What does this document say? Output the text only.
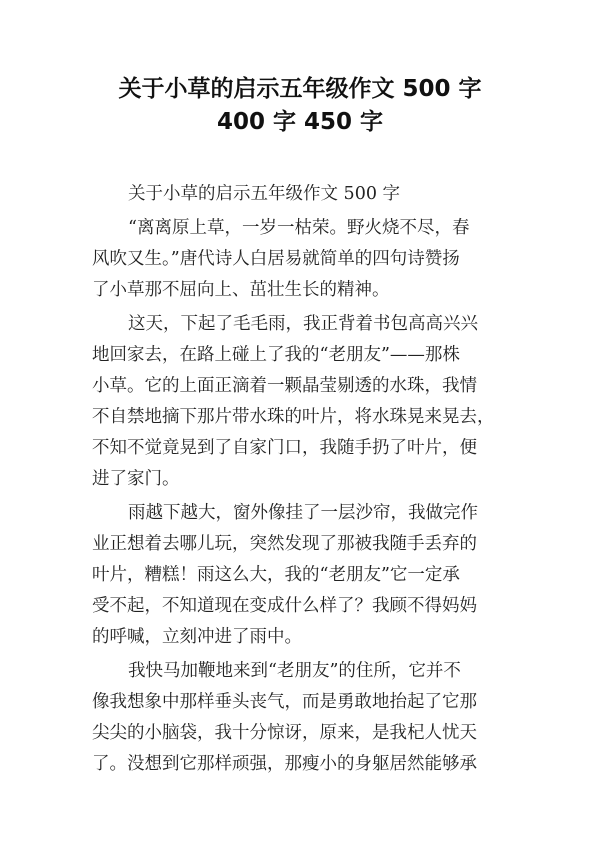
关于小草的启示五年级作文 500 字
400 字 450 字
关于小草的启示五年级作文 500 字
“离离原上草，一岁一枯荣。野火烧不尽，春
风吹又生。”唐代诗人白居易就简单的四句诗赞扬
了小草那不屈向上、茁壮生长的精神。
这天，下起了毛毛雨，我正背着书包高高兴兴
地回家去，在路上碰上了我的“老朋友”——那株
小草。它的上面正滴着一颗晶莹剔透的水珠，我情
不自禁地摘下那片带水珠的叶片，将水珠晃来晃去，
不知不觉竟晃到了自家门口，我随手扔了叶片，便
进了家门。
雨越下越大，窗外像挂了一层沙帘，我做完作
业正想着去哪儿玩，突然发现了那被我随手丢弃的
叶片，糟糕！雨这么大，我的“老朋友”它一定承
受不起，不知道现在变成什么样了？我顾不得妈妈
的呼喊，立刻冲进了雨中。
我快马加鞭地来到“老朋友”的住所，它并不
像我想象中那样垂头丧气，而是勇敢地抬起了它那
尖尖的小脑袋，我十分惊讶，原来，是我杞人忧天
了。没想到它那样顽强，那瘦小的身躯居然能够承
